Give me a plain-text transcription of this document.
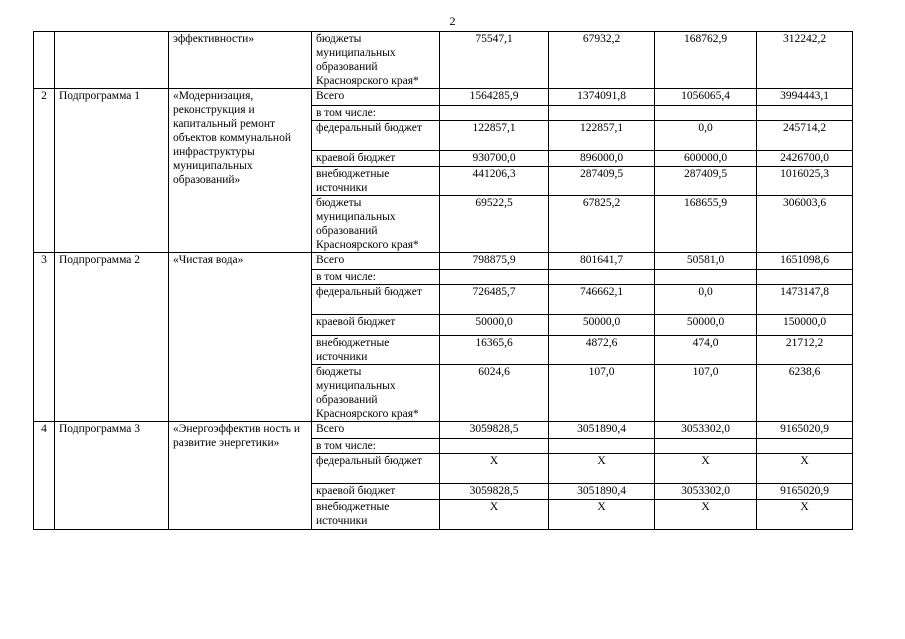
2
		эффективности»	бюджеты муниципальных образований Красноярского края*	75547,1	67932,2	168762,9	312242,2

2	Подпрограмма 1	«Модернизация, реконструкция и капитальный ремонт объектов коммунальной инфраструктуры муниципальных образований»	Всего	1564285,9	1374091,8	1056065,4	3994443,1

			в том числе:	

			федеральный бюджет	122857,1	122857,1	0,0	245714,2

			краевой бюджет	930700,0	896000,0	600000,0	2426700,0

			внебюджетные источники	441206,3	287409,5	287409,5	1016025,3

			бюджеты муниципальных образований Красноярского края*	69522,5	67825,2	168655,9	306003,6

3	Подпрограмма 2	«Чистая вода»	Всего	798875,9	801641,7	50581,0	1651098,6

			в том числе:	

			федеральный бюджет	726485,7	746662,1	0,0	1473147,8

			краевой бюджет	50000,0	50000,0	50000,0	150000,0

			внебюджетные источники	16365,6	4872,6	474,0	21712,2

			бюджеты муниципальных образований Красноярского края*	6024,6	107,0	107,0	6238,6

4	Подпрограмма 3	«Энергоэффектив ность и развитие энергетики»	Всего	3059828,5	3051890,4	3053302,0	9165020,9

			в том числе:	

			федеральный бюджет	X	X	X	X

			краевой бюджет	3059828,5	3051890,4	3053302,0	9165020,9

			внебюджетные источники	X	X	X	X
